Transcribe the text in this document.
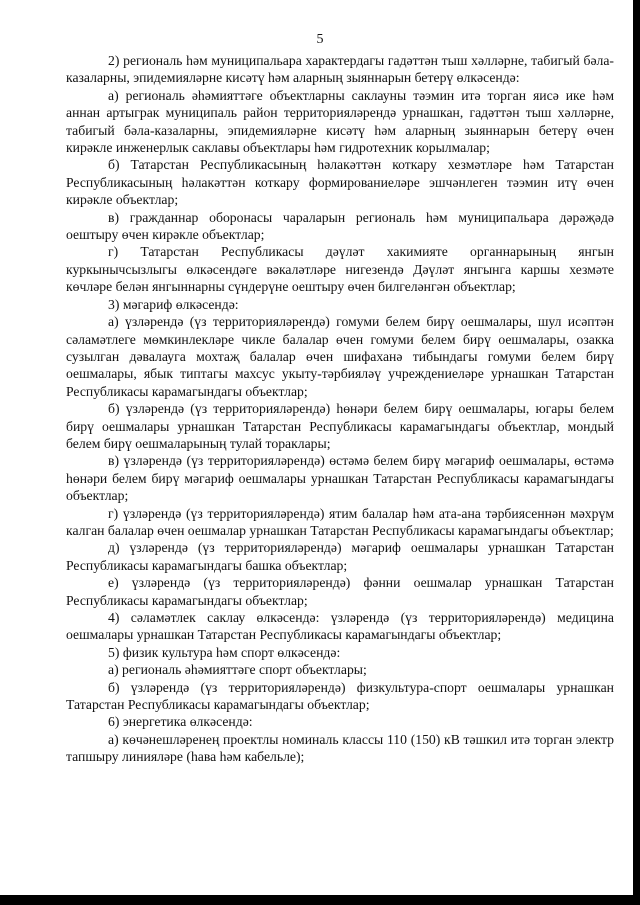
5

2) региональ һәм муниципальара характердагы гадәттән тыш хәлләрне, табигый бәла-казаларны, эпидемияләрне кисәтү һәм аларның зыяннарын бетерү өлкәсендә:

а) региональ әһәмияттәге объектларны саклауны тәэмин итә торган яисә ике һәм аннан артыграк муниципаль район территорияләрендә урнашкан, гадәттән тыш хәлләрне, табигый бәла-казаларны, эпидемияләрне кисәтү һәм аларның зыяннарын бетерү өчен кирәкле инженерлык саклавы объектлары һәм гидротехник корылмалар;

б) Татарстан Республикасының һәлакәттән коткару хезмәтләре һәм Татарстан Республикасының һәлакәттән коткару формированиеләре эшчәнлеген тәэмин итү өчен кирәкле объектлар;

в) гражданнар оборонасы чараларын региональ һәм муниципальара дәрәҗәдә оештыру өчен кирәкле объектлар;

г) Татарстан Республикасы дәүләт хакимияте органнарының янгын куркынычсызлыгы өлкәсендәге вәкаләтләре нигезендә Дәүләт янгынга каршы хезмәте көчләре белән янгыннарны сүндерүне оештыру өчен билгеләнгән объектлар;

3) мәгариф өлкәсендә:

а) үзләрендә (үз территорияләрендә) гомуми белем бирү оешмалары, шул исәптән сәламәтлеге мөмкинлекләре чикле балалар өчен гомуми белем бирү оешмалары, озакка сузылган дәвалауга мохтаҗ балалар өчен шифаханә тибындагы гомуми белем бирү оешмалары, ябык типтагы махсус укыту-тәрбияләү учреждениеләре урнашкан Татарстан Республикасы карамагындагы объектлар;

б) үзләрендә (үз территорияләрендә) һөнәри белем бирү оешмалары, югары белем бирү оешмалары урнашкан Татарстан Республикасы карамагындагы объектлар, мондый белем бирү оешмаларының тулай торaклары;

в) үзләрендә (үз территорияләрендә) өстәмә белем бирү мәгариф оешмалары, өстәмә һөнәри белем бирү мәгариф оешмалары урнашкан Татарстан Республикасы карамагындагы объектлар;

г) үзләрендә (үз территорияләрендә) ятим балалар һәм ата-ана тәрбиясеннән мәхрүм калган балалар өчен оешмалар урнашкан Татарстан Республикасы карамагындагы объектлар;

д) үзләрендә (үз территорияләрендә) мәгариф оешмалары урнашкан Татарстан Республикасы карамагындагы башка объектлар;

е) үзләрендә (үз территорияләрендә) фәнни оешмалар урнашкан Татарстан Республикасы карамагындагы объектлар;

4) сәламәтлек саклау өлкәсендә: үзләрендә (үз территорияләрендә) медицина оешмалары урнашкан Татарстан Республикасы карамагындагы объектлар;

5) физик культура һәм спорт өлкәсендә:

а) региональ әһәмияттәге спорт объектлары;

б) үзләрендә (үз территорияләрендә) физкультура-спорт оешмалары урнашкан Татарстан Республикасы карамагындагы объектлар;

6) энергетика өлкәсендә:

а) көчәнешләренең проектлы номиналь классы 110 (150) кВ тәшкил итә торган электр тапшыру линияләре (һава һәм кабельле);
